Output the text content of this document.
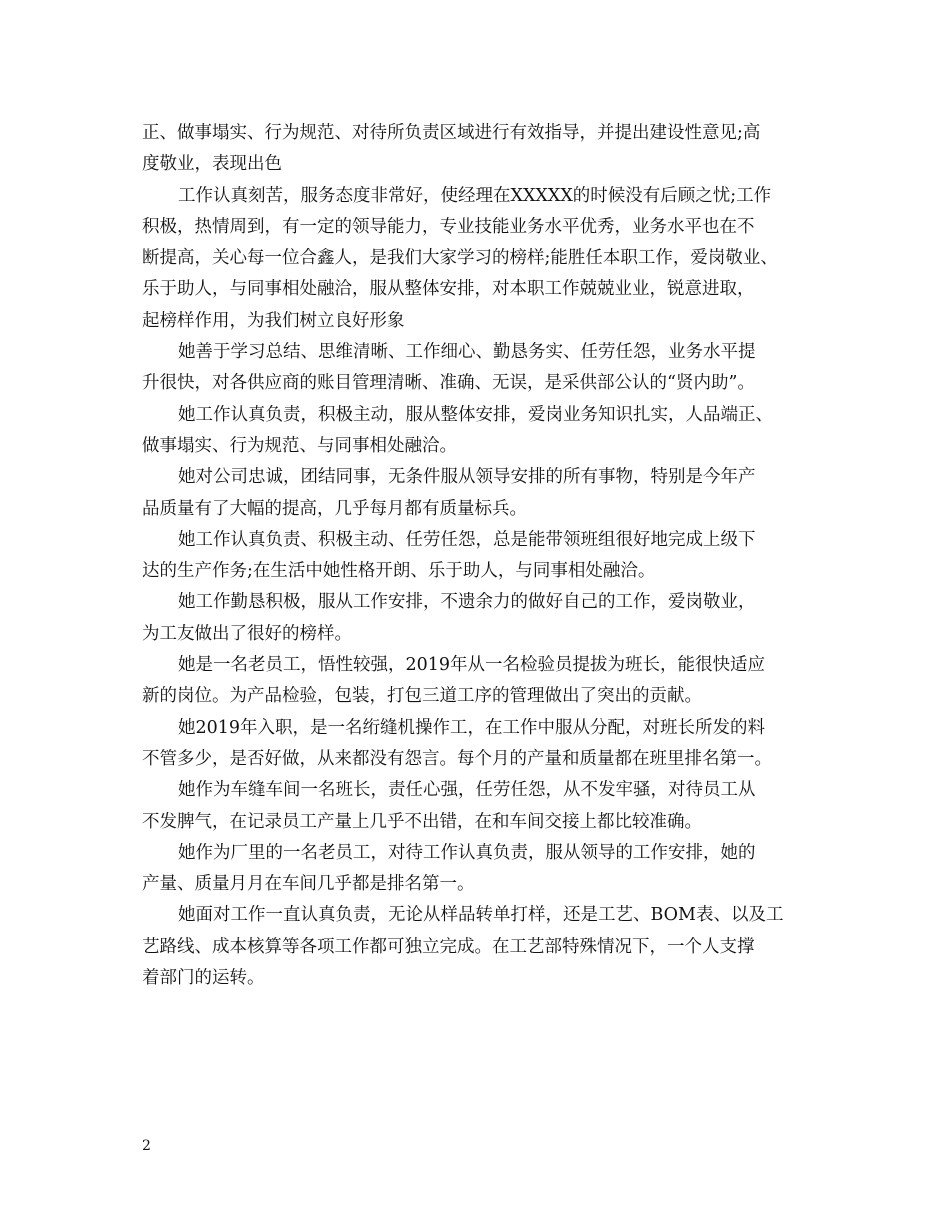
正、做事塌实、行为规范、对待所负责区域进行有效指导，并提出建设性意见;高
度敬业，表现出色
工作认真刻苦，服务态度非常好，使经理在XXXXX的时候没有后顾之忧;工作
积极，热情周到，有一定的领导能力，专业技能业务水平优秀，业务水平也在不
断提高，关心每一位合鑫人，是我们大家学习的榜样;能胜任本职工作，爱岗敬业、
乐于助人，与同事相处融洽，服从整体安排，对本职工作兢兢业业，锐意进取，
起榜样作用，为我们树立良好形象
她善于学习总结、思维清晰、工作细心、勤恳务实、任劳任怨，业务水平提
升很快，对各供应商的账目管理清晰、准确、无误，是采供部公认的“贤内助”。
她工作认真负责，积极主动，服从整体安排，爱岗业务知识扎实，人品端正、
做事塌实、行为规范、与同事相处融洽。
她对公司忠诚，团结同事，无条件服从领导安排的所有事物，特别是今年产
品质量有了大幅的提高，几乎每月都有质量标兵。
她工作认真负责、积极主动、任劳任怨，总是能带领班组很好地完成上级下
达的生产作务;在生活中她性格开朗、乐于助人，与同事相处融洽。
她工作勤恳积极，服从工作安排，不遗余力的做好自己的工作，爱岗敬业，
为工友做出了很好的榜样。
她是一名老员工，悟性较强，2019年从一名检验员提拔为班长，能很快适应
新的岗位。为产品检验，包装，打包三道工序的管理做出了突出的贡献。
她2019年入职，是一名绗缝机操作工，在工作中服从分配，对班长所发的料
不管多少，是否好做，从来都没有怨言。每个月的产量和质量都在班里排名第一。
她作为车缝车间一名班长，责任心强，任劳任怨，从不发牢骚，对待员工从
不发脾气，在记录员工产量上几乎不出错，在和车间交接上都比较准确。
她作为厂里的一名老员工，对待工作认真负责，服从领导的工作安排，她的
产量、质量月月在车间几乎都是排名第一。
她面对工作一直认真负责，无论从样品转单打样，还是工艺、BOM表、以及工
艺路线、成本核算等各项工作都可独立完成。在工艺部特殊情况下，一个人支撑
着部门的运转。
2
